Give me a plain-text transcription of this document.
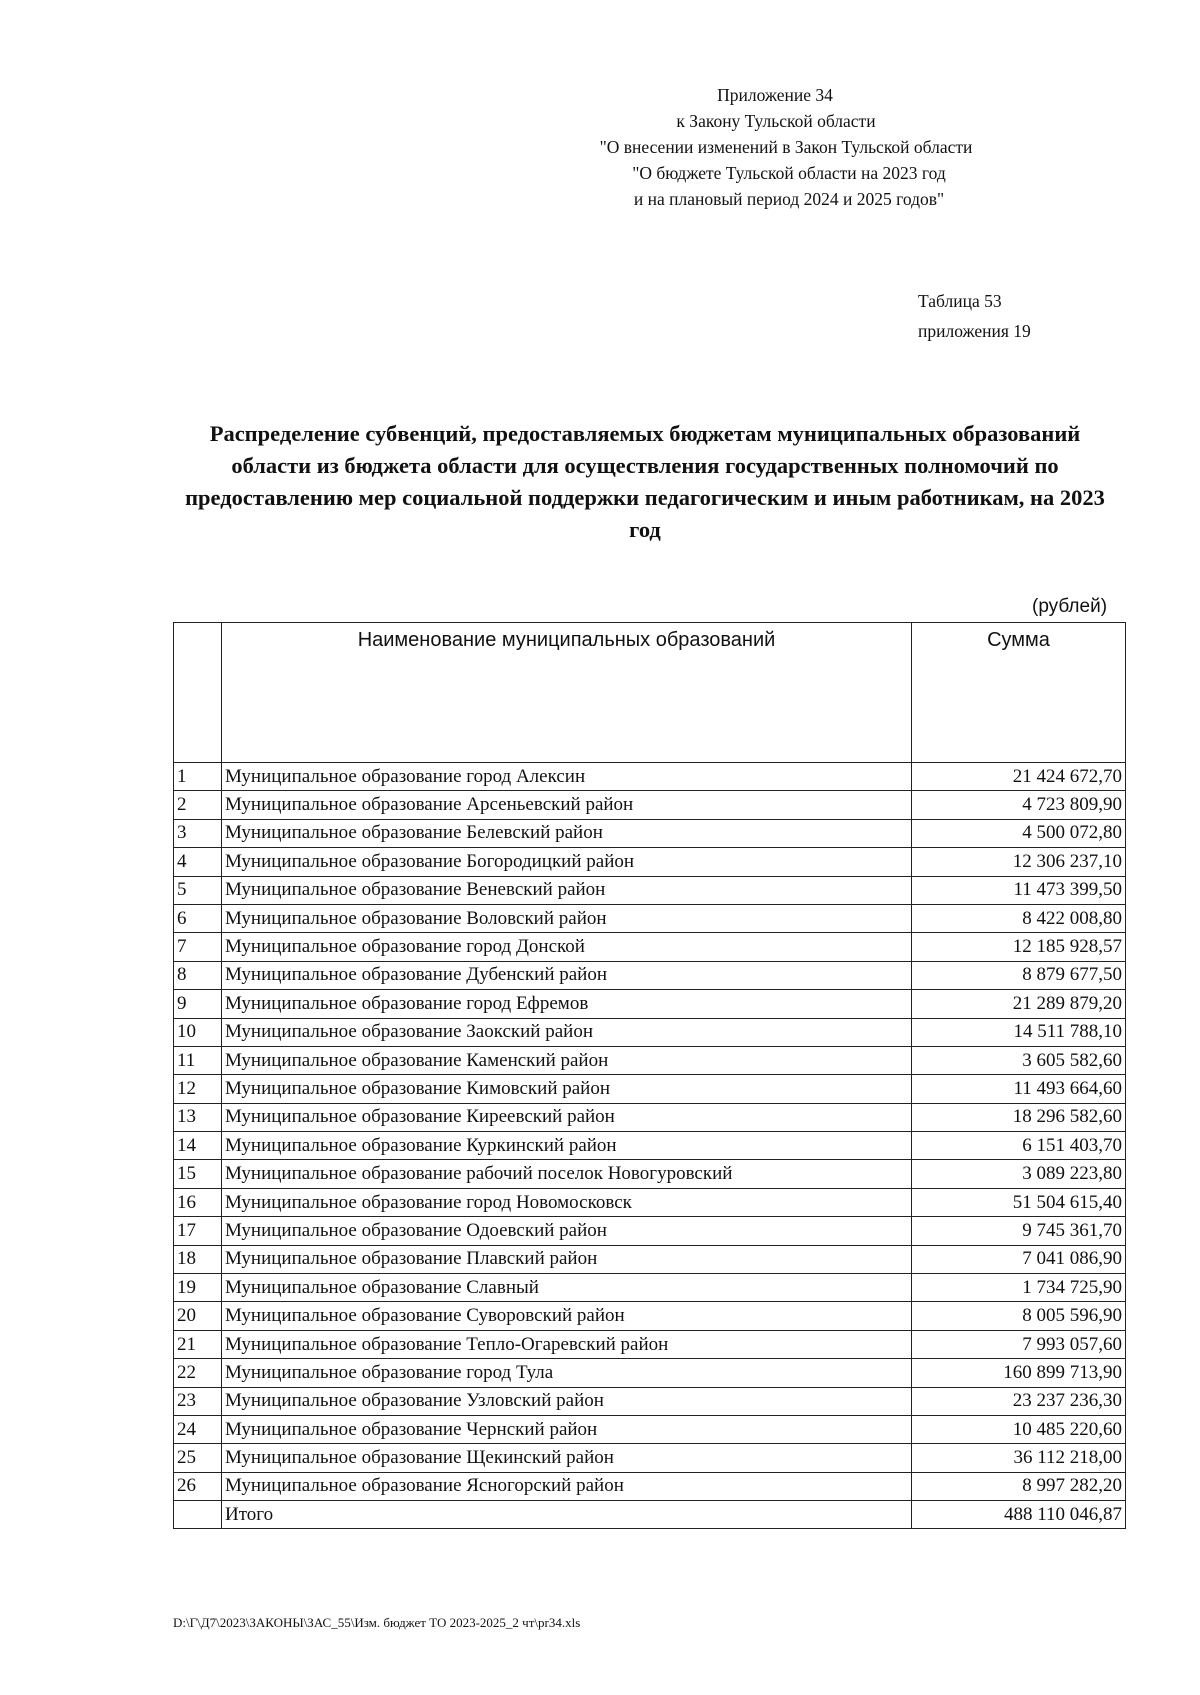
Приложение 34
к Закону Тульской области
"О внесении изменений в Закон Тульской области
"О бюджете Тульской области на 2023 год
и на плановый период 2024 и 2025 годов"
Таблица 53
приложения 19
Распределение субвенций, предоставляемых бюджетам муниципальных образований области из бюджета области для осуществления государственных полномочий по предоставлению мер социальной поддержки педагогическим и иным работникам, на 2023 год
(рублей)
	Наименование муниципальных образований	Сумма
1	Муниципальное образование город Алексин	21 424 672,70
2	Муниципальное образование Арсеньевский район	4 723 809,90
3	Муниципальное образование Белевский район	4 500 072,80
4	Муниципальное образование Богородицкий район	12 306 237,10
5	Муниципальное образование Веневский район	11 473 399,50
6	Муниципальное образование Воловский район	8 422 008,80
7	Муниципальное образование город Донской	12 185 928,57
8	Муниципальное образование Дубенский район	8 879 677,50
9	Муниципальное образование город Ефремов	21 289 879,20
10	Муниципальное образование Заокский район	14 511 788,10
11	Муниципальное образование Каменский район	3 605 582,60
12	Муниципальное образование Кимовский район	11 493 664,60
13	Муниципальное образование Киреевский район	18 296 582,60
14	Муниципальное образование Куркинский район	6 151 403,70
15	Муниципальное образование рабочий поселок Новогуровский	3 089 223,80
16	Муниципальное образование город Новомосковск	51 504 615,40
17	Муниципальное образование Одоевский район	9 745 361,70
18	Муниципальное образование Плавский район	7 041 086,90
19	Муниципальное образование Славный	1 734 725,90
20	Муниципальное образование Суворовский район	8 005 596,90
21	Муниципальное образование Тепло-Огаревский район	7 993 057,60
22	Муниципальное образование город Тула	160 899 713,90
23	Муниципальное образование Узловский район	23 237 236,30
24	Муниципальное образование Чернский район	10 485 220,60
25	Муниципальное образование Щекинский район	36 112 218,00
26	Муниципальное образование Ясногорский район	8 997 282,20
	Итого	488 110 046,87
D:\Г\Д7\2023\ЗАКОНЫ\ЗАС_55\Изм. бюджет ТО 2023-2025_2 чт\pr34.xls
